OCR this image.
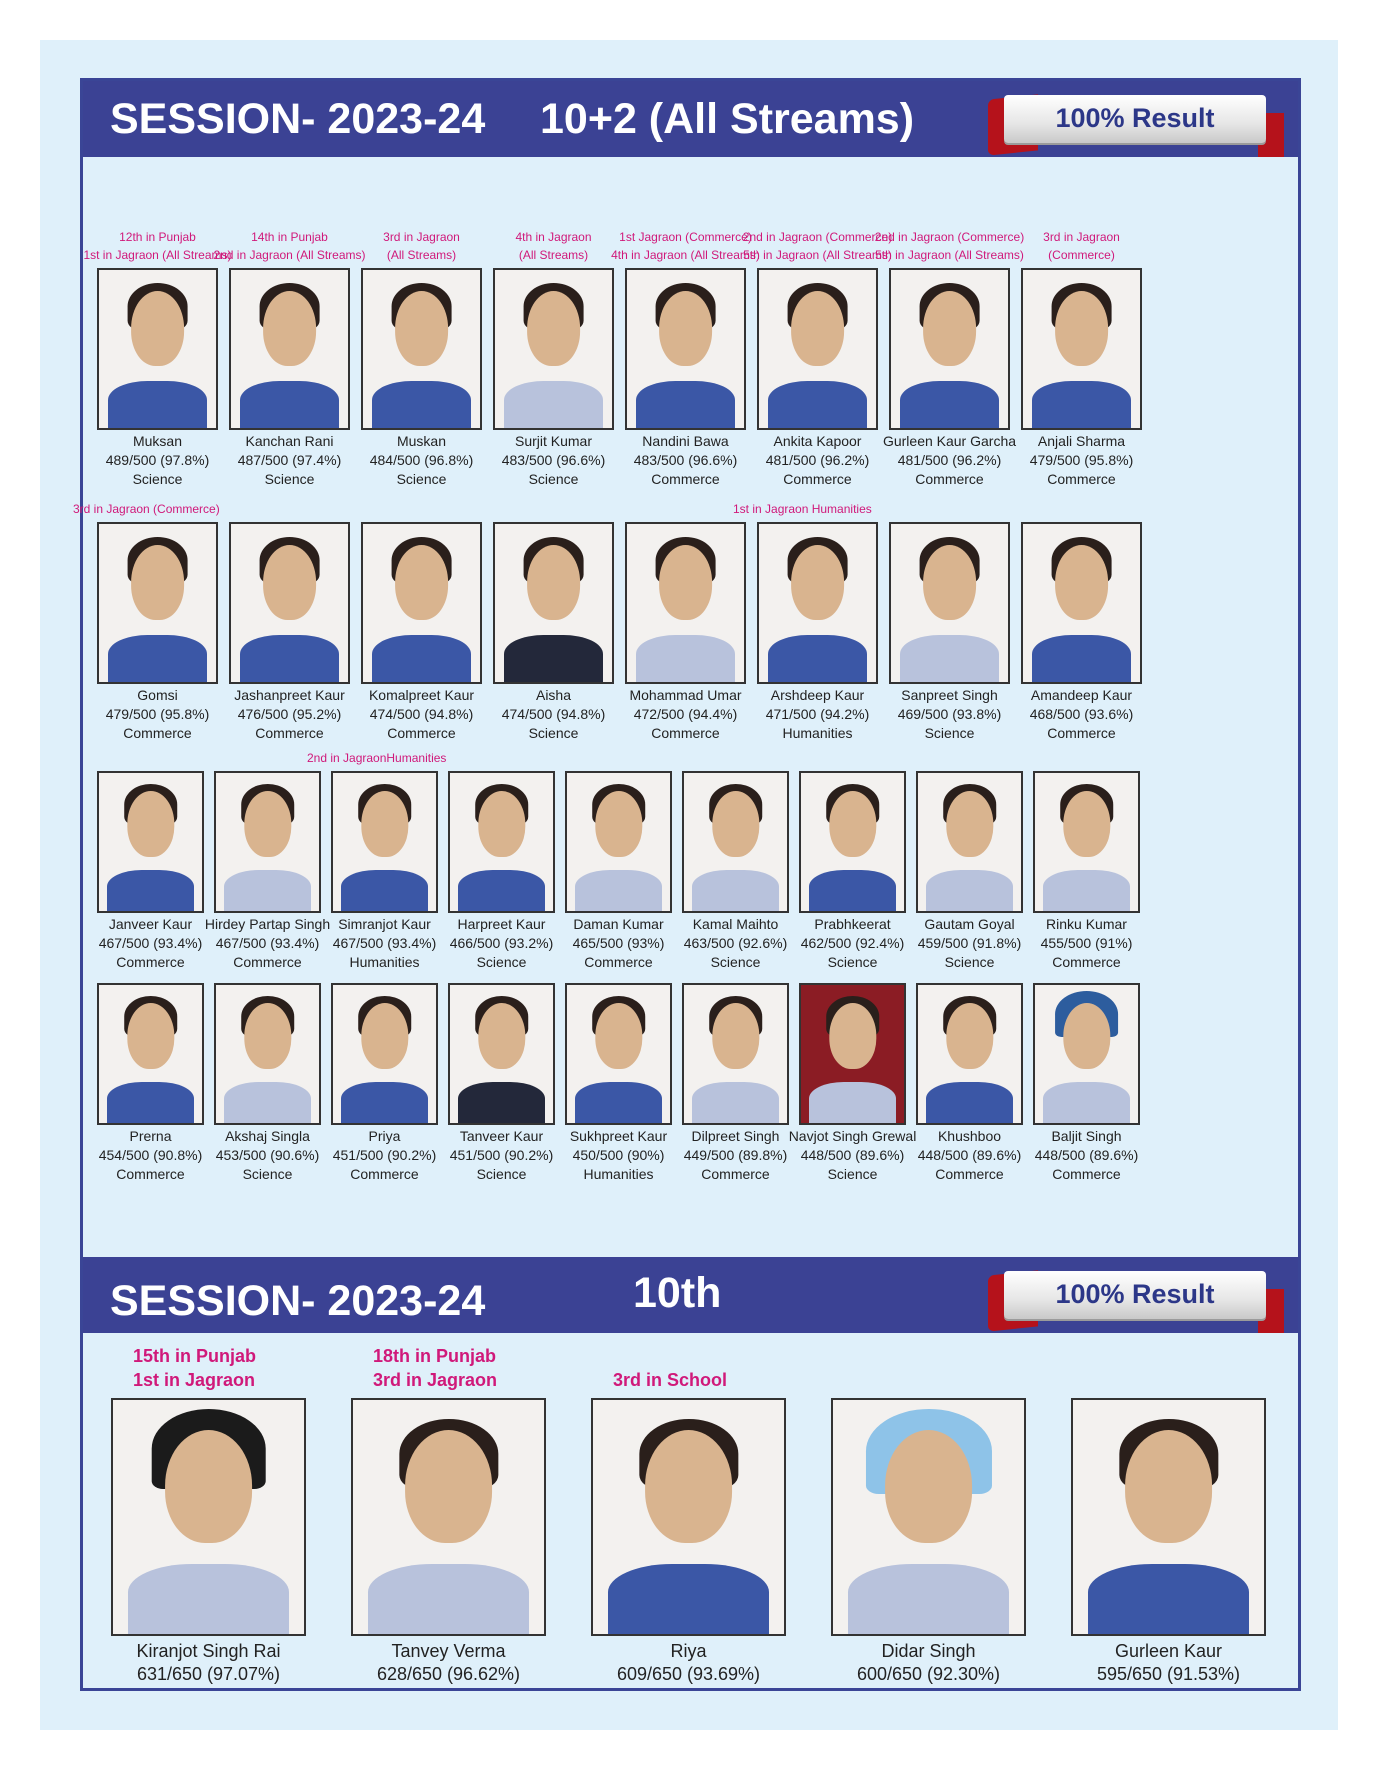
SESSION- 2023-24 10+2 (All Streams)	100% Result
12th in Punjab
1st in Jagraon (All Streams)
Muksan
489/500 (97.8%)
Science
14th in Punjab
2nd in Jagraon (All Streams)
Kanchan Rani
487/500 (97.4%)
Science
3rd in Jagraon
(All Streams)
Muskan
484/500 (96.8%)
Science
4th in Jagraon
(All Streams)
Surjit Kumar
483/500 (96.6%)
Science
1st Jagraon (Commerce)
4th in Jagraon (All Streams)
Nandini Bawa
483/500 (96.6%)
Commerce
2nd in Jagraon (Commerce)
5th in Jagraon (All Streams)
Ankita Kapoor
481/500 (96.2%)
Commerce
2nd in Jagraon (Commerce)
5th in Jagraon (All Streams)
Gurleen Kaur Garcha
481/500 (96.2%)
Commerce
3rd in Jagraon
(Commerce)
Anjali Sharma
479/500 (95.8%)
Commerce
3rd in Jagraon (Commerce)
Gomsi
479/500 (95.8%)
Commerce
Jashanpreet Kaur
476/500 (95.2%)
Commerce
Komalpreet Kaur
474/500 (94.8%)
Commerce
Aisha
474/500 (94.8%)
Science
Mohammad Umar
472/500 (94.4%)
Commerce
1st in Jagraon Humanities
Arshdeep Kaur
471/500 (94.2%)
Humanities
Sanpreet Singh
469/500 (93.8%)
Science
Amandeep Kaur
468/500 (93.6%)
Commerce
Janveer Kaur
467/500 (93.4%)
Commerce
Hirdey Partap Singh
467/500 (93.4%)
Commerce
2nd in JagraonHumanities
Simranjot Kaur
467/500 (93.4%)
Humanities
Harpreet Kaur
466/500 (93.2%)
Science
Daman Kumar
465/500 (93%)
Commerce
Kamal Maihto
463/500 (92.6%)
Science
Prabhkeerat
462/500 (92.4%)
Science
Gautam Goyal
459/500 (91.8%)
Science
Rinku Kumar
455/500 (91%)
Commerce
Prerna
454/500 (90.8%)
Commerce
Akshaj Singla
453/500 (90.6%)
Science
Priya
451/500 (90.2%)
Commerce
Tanveer Kaur
451/500 (90.2%)
Science
Sukhpreet Kaur
450/500 (90%)
Humanities
Dilpreet Singh
449/500 (89.8%)
Commerce
Navjot Singh Grewal
448/500 (89.6%)
Science
Khushboo
448/500 (89.6%)
Commerce
Baljit Singh
448/500 (89.6%)
Commerce
SESSION- 2023-24	10th	100% Result
15th in Punjab
1st in Jagraon
Kiranjot Singh Rai
631/650 (97.07%)
18th in Punjab
3rd in Jagraon
Tanvey Verma
628/650 (96.62%)
3rd in School
Riya
609/650 (93.69%)
Didar Singh
600/650 (92.30%)
Gurleen Kaur
595/650 (91.53%)
